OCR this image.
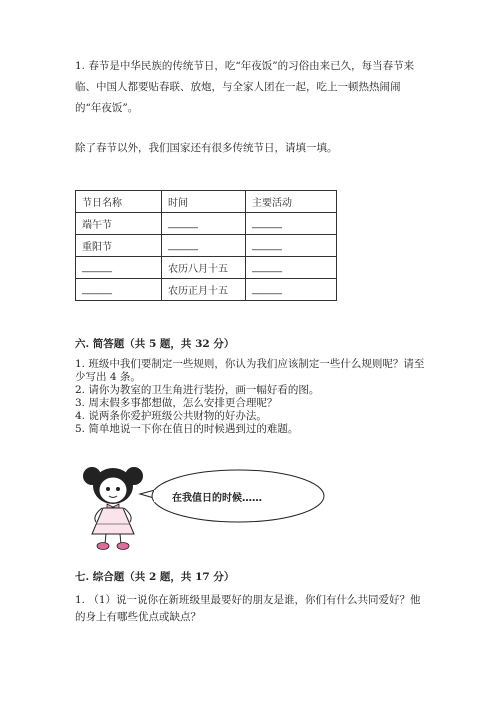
1. 春节是中华民族的传统节日，吃“年夜饭”的习俗由来已久，每当春节来临、中国人都要贴春联、放炮，与全家人团在一起，吃上一顿热热闹闹的“年夜饭”。

除了春节以外，我们国家还有很多传统节日，请填一填。

节日名称	时间	主要活动
端午节	______	______
重阳节	______	______
______	农历八月十五	______
______	农历正月十五	______

六. 简答题（共 5 题，共 32 分）

1. 班级中我们要制定一些规则，你认为我们应该制定一些什么规则呢？请至少写出 4 条。
2. 请你为教室的卫生角进行装扮，画一幅好看的图。
3. 周末假多事都想做，怎么安排更合理呢？
4. 说两条你爱护班级公共财物的好办法。
5. 简单地说一下你在值日的时候遇到过的难题。

在我值日的时候……

七. 综合题（共 2 题，共 17 分）

1. （1）说一说你在新班级里最要好的朋友是谁，你们有什么共同爱好？他的身上有哪些优点或缺点？
